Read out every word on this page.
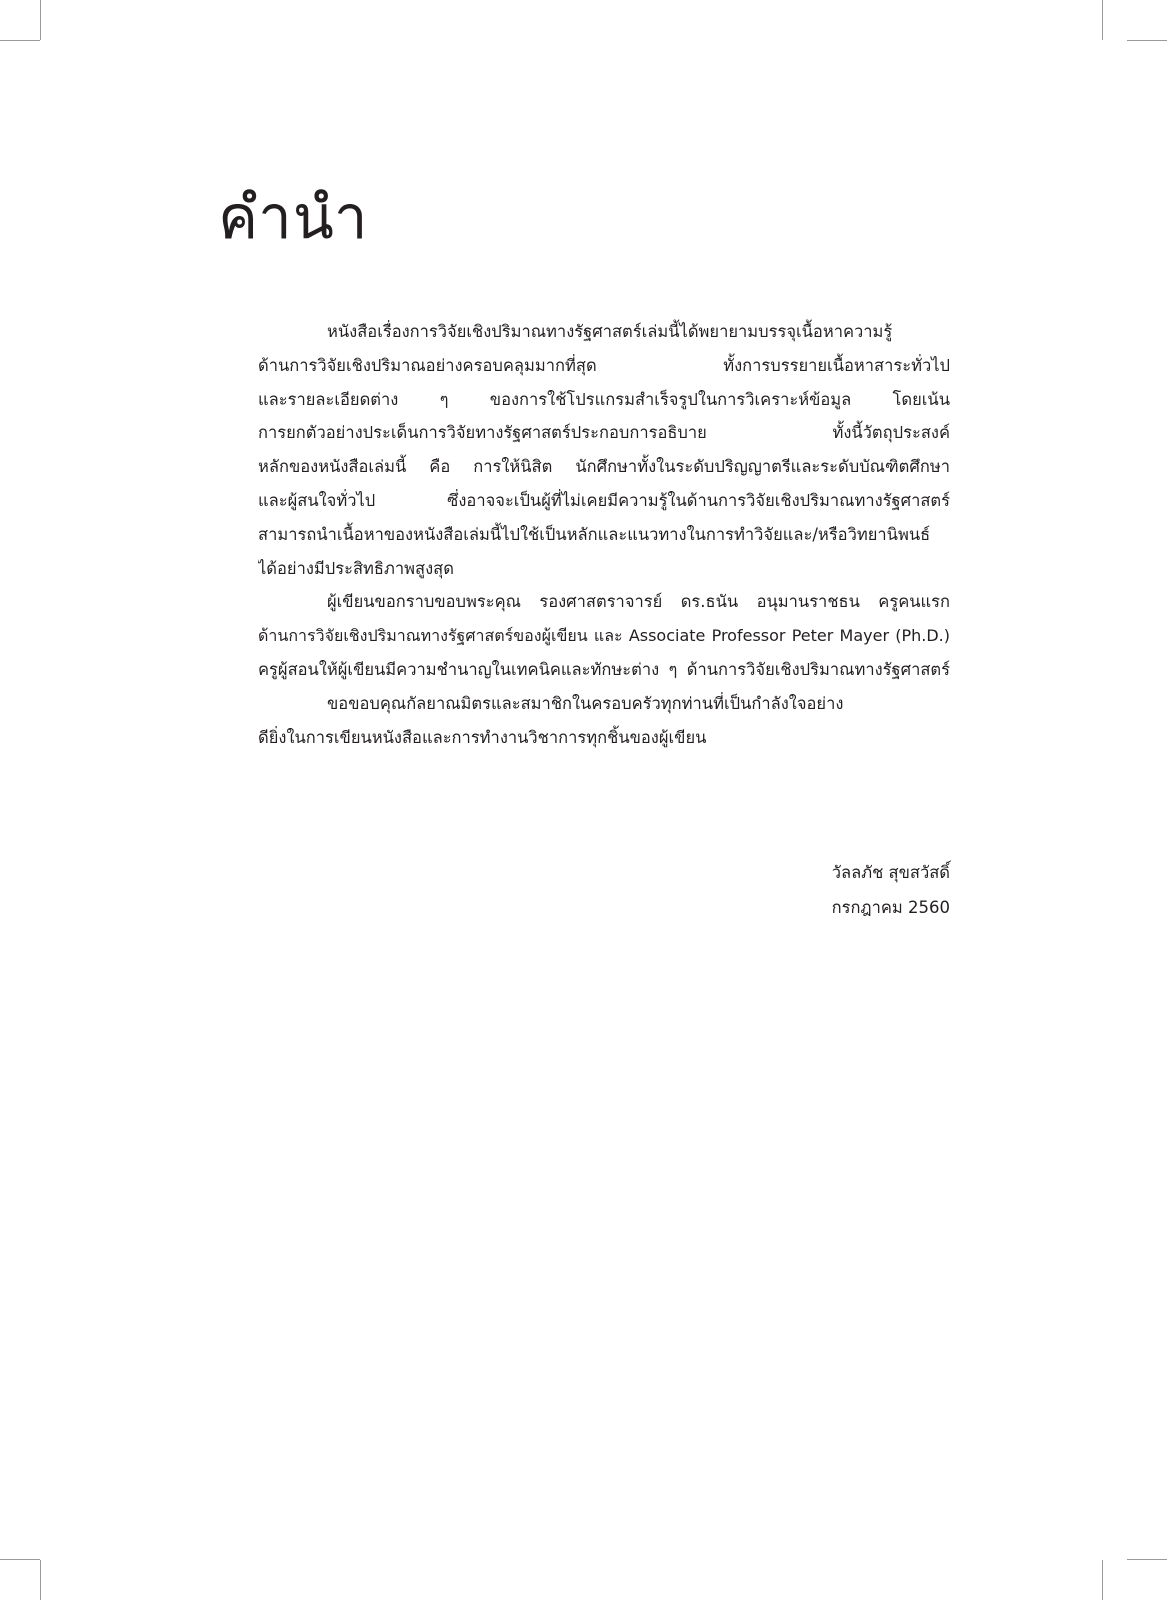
คำนำ
หนังสือเรื่องการวิจัยเชิงปริมาณทางรัฐศาสตร์เล่มนี้ได้พยายามบรรจุเนื้อหาความรู้
ด้านการวิจัยเชิงปริมาณอย่างครอบคลุมมากที่สุด ทั้งการบรรยายเนื้อหาสาระทั่วไป
และรายละเอียดต่าง ๆ ของการใช้โปรแกรมสำเร็จรูปในการวิเคราะห์ข้อมูล โดยเน้น
การยกตัวอย่างประเด็นการวิจัยทางรัฐศาสตร์ประกอบการอธิบาย ทั้งนี้วัตถุประสงค์
หลักของหนังสือเล่มนี้ คือ การให้นิสิต นักศึกษาทั้งในระดับปริญญาตรีและระดับบัณฑิตศึกษา
และผู้สนใจทั่วไป ซึ่งอาจจะเป็นผู้ที่ไม่เคยมีความรู้ในด้านการวิจัยเชิงปริมาณทางรัฐศาสตร์
สามารถนำเนื้อหาของหนังสือเล่มนี้ไปใช้เป็นหลักและแนวทางในการทำวิจัยและ/หรือวิทยานิพนธ์
ได้อย่างมีประสิทธิภาพสูงสุด
ผู้เขียนขอกราบขอบพระคุณ รองศาสตราจารย์ ดร.ธนัน อนุมานราชธน ครูคนแรก
ด้านการวิจัยเชิงปริมาณทางรัฐศาสตร์ของผู้เขียน และ Associate Professor Peter Mayer (Ph.D.)
ครูผู้สอนให้ผู้เขียนมีความชำนาญในเทคนิคและทักษะต่าง ๆ ด้านการวิจัยเชิงปริมาณทางรัฐศาสตร์
ขอขอบคุณกัลยาณมิตรและสมาชิกในครอบครัวทุกท่านที่เป็นกำลังใจอย่าง
ดียิ่งในการเขียนหนังสือและการทำงานวิชาการทุกชิ้นของผู้เขียน
วัลลภัช สุขสวัสดิ์
กรกฎาคม 2560
